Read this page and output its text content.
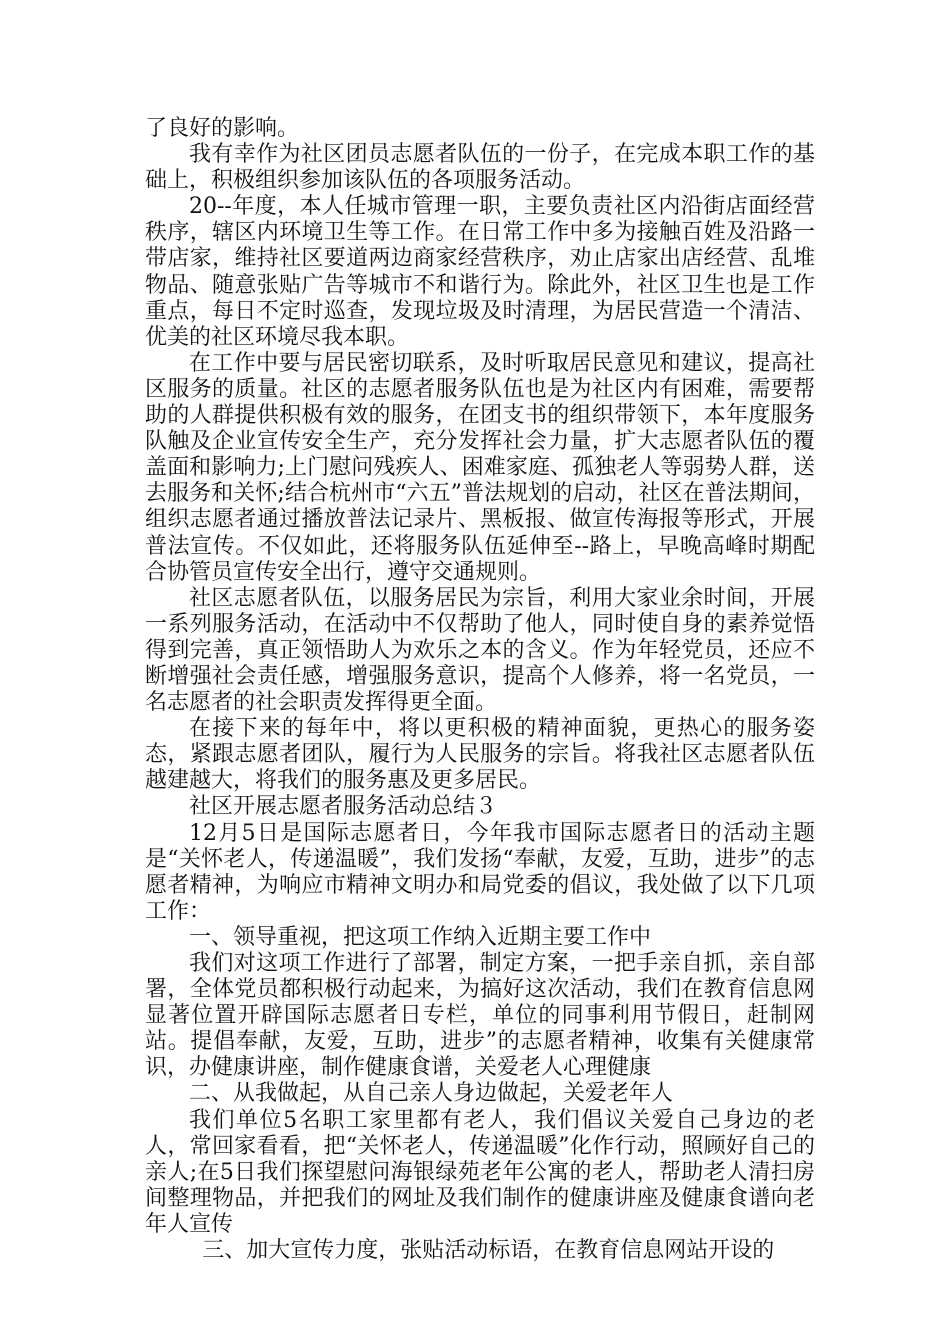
了良好的影响。

我有幸作为社区团员志愿者队伍的一份子，在完成本职工作的基础上，积极组织参加该队伍的各项服务活动。

20--年度，本人任城市管理一职，主要负责社区内沿街店面经营秩序，辖区内环境卫生等工作。在日常工作中多为接触百姓及沿路一带店家，维持社区要道两边商家经营秩序，劝止店家出店经营、乱堆物品、随意张贴广告等城市不和谐行为。除此外，社区卫生也是工作重点，每日不定时巡查，发现垃圾及时清理，为居民营造一个清洁、优美的社区环境尽我本职。

在工作中要与居民密切联系，及时听取居民意见和建议，提高社区服务的质量。社区的志愿者服务队伍也是为社区内有困难，需要帮助的人群提供积极有效的服务，在团支书的组织带领下，本年度服务队触及企业宣传安全生产，充分发挥社会力量，扩大志愿者队伍的覆盖面和影响力;上门慰问残疾人、困难家庭、孤独老人等弱势人群，送去服务和关怀;结合杭州市“六五”普法规划的启动，社区在普法期间，组织志愿者通过播放普法记录片、黑板报、做宣传海报等形式，开展普法宣传。不仅如此，还将服务队伍延伸至--路上，早晚高峰时期配合协管员宣传安全出行，遵守交通规则。

社区志愿者队伍，以服务居民为宗旨，利用大家业余时间，开展一系列服务活动，在活动中不仅帮助了他人，同时使自身的素养觉悟得到完善，真正领悟助人为欢乐之本的含义。作为年轻党员，还应不断增强社会责任感，增强服务意识，提高个人修养，将一名党员，一名志愿者的社会职责发挥得更全面。

在接下来的每年中，将以更积极的精神面貌，更热心的服务姿态，紧跟志愿者团队，履行为人民服务的宗旨。将我社区志愿者队伍越建越大，将我们的服务惠及更多居民。

社区开展志愿者服务活动总结３

12月5日是国际志愿者日，今年我市国际志愿者日的活动主题是“关怀老人，传递温暖”，我们发扬“奉献，友爱，互助，进步”的志愿者精神，为响应市精神文明办和局党委的倡议，我处做了以下几项工作：

一、领导重视，把这项工作纳入近期主要工作中

我们对这项工作进行了部署，制定方案，一把手亲自抓，亲自部署，全体党员都积极行动起来，为搞好这次活动，我们在教育信息网显著位置开辟国际志愿者日专栏，单位的同事利用节假日，赶制网站。提倡奉献，友爱，互助，进步”的志愿者精神，收集有关健康常识，办健康讲座，制作健康食谱，关爱老人心理健康

二、从我做起，从自己亲人身边做起，关爱老年人

我们单位5名职工家里都有老人，我们倡议关爱自己身边的老人，常回家看看，把“关怀老人，传递温暖”化作行动，照顾好自己的亲人;在5日我们探望慰问海银绿苑老年公寓的老人，帮助老人清扫房间整理物品，并把我们的网址及我们制作的健康讲座及健康食谱向老年人宣传

三、加大宣传力度，张贴活动标语，在教育信息网站开设的
